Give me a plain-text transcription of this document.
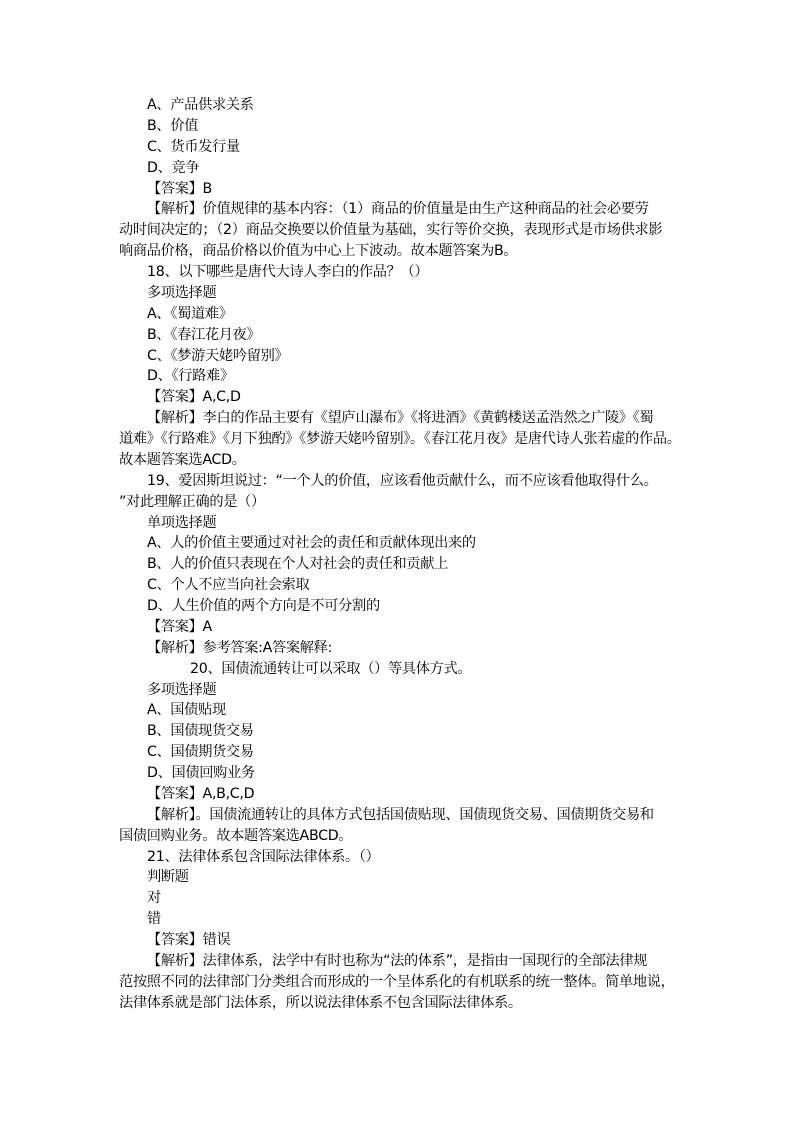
A、产品供求关系
B、价值
C、货币发行量
D、竞争
【答案】B
【解析】价值规律的基本内容：（1）商品的价值量是由生产这种商品的社会必要劳
动时间决定的；（2）商品交换要以价值量为基础，实行等价交换，表现形式是市场供求影
响商品价格，商品价格以价值为中心上下波动。故本题答案为B。
18、以下哪些是唐代大诗人李白的作品？（）
多项选择题
A、《蜀道难》
B、《春江花月夜》
C、《梦游天姥吟留别》
D、《行路难》
【答案】A,C,D
【解析】李白的作品主要有《望庐山瀑布》《将进酒》《黄鹤楼送孟浩然之广陵》《蜀
道难》《行路难》《月下独酌》《梦游天姥吟留别》。《春江花月夜》是唐代诗人张若虚的作品。
故本题答案选ACD。
19、爱因斯坦说过：“一个人的价值，应该看他贡献什么，而不应该看他取得什么。
”对此理解正确的是（）
单项选择题
A、人的价值主要通过对社会的责任和贡献体现出来的
B、人的价值只表现在个人对社会的责任和贡献上
C、个人不应当向社会索取
D、人生价值的两个方向是不可分割的
【答案】A
【解析】参考答案:A答案解释:
20、国债流通转让可以采取（）等具体方式。
多项选择题
A、国债贴现
B、国债现货交易
C、国债期货交易
D、国债回购业务
【答案】A,B,C,D
【解析】。国债流通转让的具体方式包括国债贴现、国债现货交易、国债期货交易和
国债回购业务。故本题答案选ABCD。
21、法律体系包含国际法律体系。（）
判断题
对
错
【答案】错误
【解析】法律体系，法学中有时也称为“法的体系”，是指由一国现行的全部法律规
范按照不同的法律部门分类组合而形成的一个呈体系化的有机联系的统一整体。简单地说，
法律体系就是部门法体系，所以说法律体系不包含国际法律体系。
